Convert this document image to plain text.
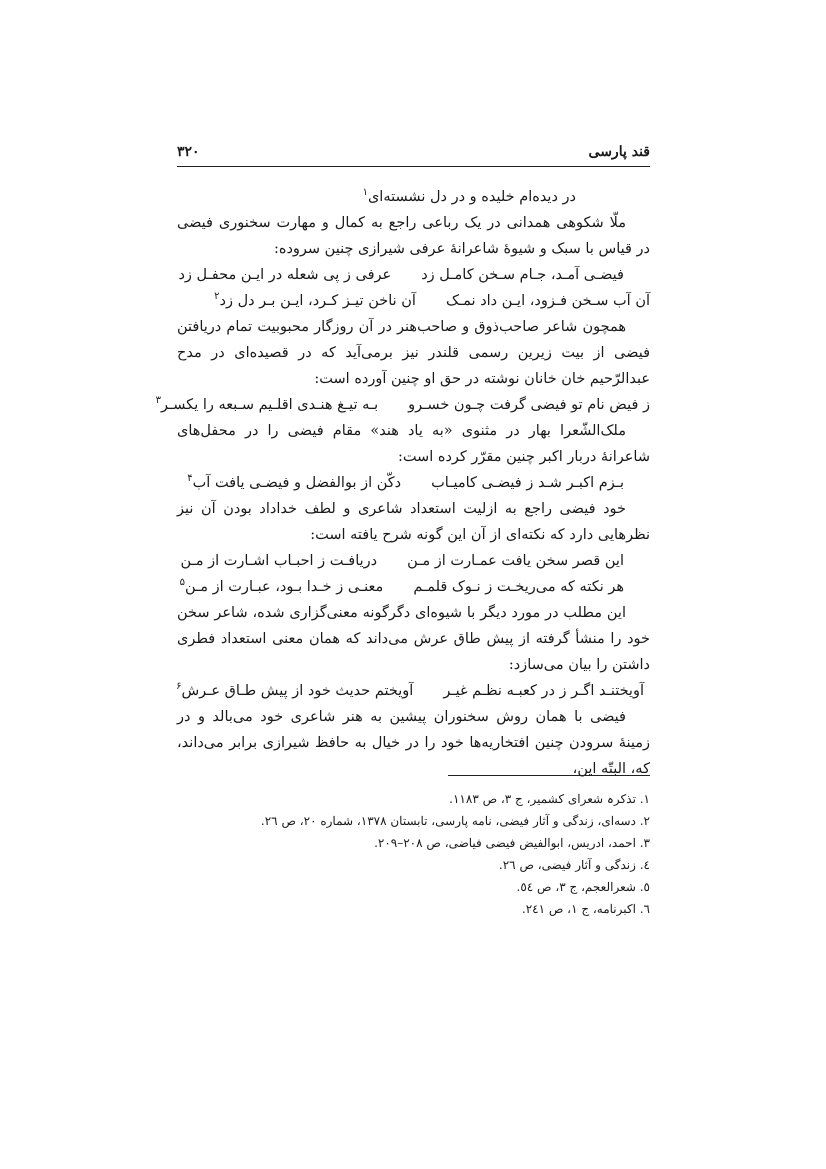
قند پارسی
۳۲۰
در دیده‌ام خلیده و در دل نشسته‌ای$^۱$

ملّا شکوهی همدانی در یک رباعی راجع به کمال و مهارت سخنوری فیضی در قیاس با سبک و شیوهٔ شاعرانهٔ عرفی شیرازی چنین سروده:

فیضـی آمـد، جـام سـخن کامـل زد
عرفی ز پی شعله در ایـن محفـل زد
آن آب سـخن فـزود، ایـن داد نمـک
آن ناخن تیـز کـرد، ایـن بـر دل زد$^۲$

همچون شاعر صاحب‌ذوق و صاحب‌هنر در آن روزگار محبوبیت تمام دریافتن فیضی از بیت زیرین رسمی قلندر نیز برمی‌آید که در قصیده‌ای در مدح عبدالرّحیم خان خانان نوشته در حق او چنین آورده است:

ز فیض نام تو فیضی گرفت چـون خسـرو
بـه تیـغ هنـدی اقلـیم سـبعه را یکسـر$^۳$

ملک‌الشّعرا بهار در مثنوی «به یاد هند» مقام فیضی را در محفل‌های شاعرانهٔ دربار اکبر چنین مقرّر کرده است:

بـزم اکبـر شـد ز فیضـی کامیـاب
دکّن از بوالفضل و فیضـی یافت آب$^۴$

خود فیضی راجع به ازلیت استعداد شاعری و لطف خداداد بودن آن نیز نظرهایی دارد که نکته‌ای از آن این گونه شرح یافته است:

این قصر سخن یافت عمـارت از مـن
دریافـت ز احبـاب اشـارت از مـن
هر نکته که می‌ریخـت ز نـوک قلمـم
معنـی ز خـدا بـود، عبـارت از مـن$^۵$

این مطلب در مورد دیگر با شیوه‌ای دگرگونه معنی‌گزاری شده، شاعر سخن خود را منشأ گرفته از پیش طاق عرش می‌داند که همان معنی استعداد فطری داشتن را بیان می‌سازد:

آویختنـد اگـر ز در کعبـه نظـم غیـر
آویختم حدیث خود از پیش طـاق عـرش$^۶$

فیضی با همان روش سخنوران پیشین به هنر شاعری خود می‌بالد و در زمینهٔ سرودن چنین افتخاریه‌ها خود را در خیال به حافظ شیرازی برابر می‌داند، که، البتّه این،

١. تذکرہ شعرای کشمیر، ج ٣، ص ١١٨٣.
٢. دسه‌ای، زندگی و آثار فیضی، نامه پارسی، تابستان ١٣٧٨، شماره ٢٠، ص ٢٦.
٣. احمد، ادریس، ابوالفیض فیضی فیاضی، ص ٢٠٨–٢٠٩.
٤. زندگی و آثار فیضی، ص ٢٦.
٥. شعرالعجم، ج ٣، ص ٥٤.
٦. اکبرنامه، ج ١، ص ٢٤١.
